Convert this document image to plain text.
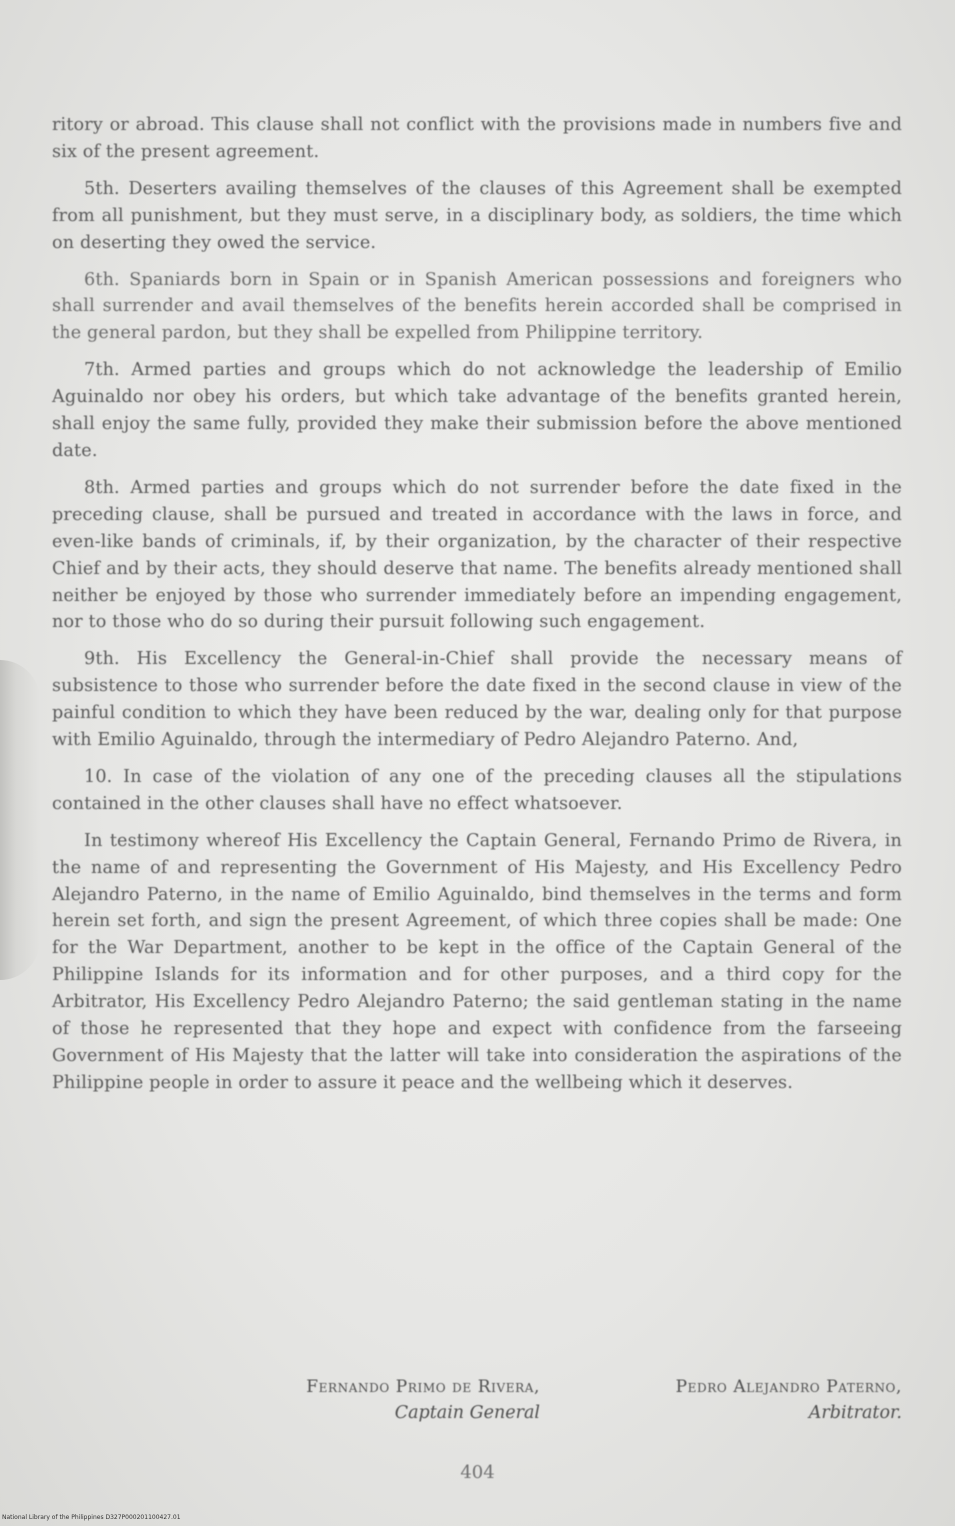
ritory or abroad. This clause shall not conflict with the provisions made in numbers five and six of the present agreement.

5th. Deserters availing themselves of the clauses of this Agreement shall be exempted from all punishment, but they must serve, in a disciplinary body, as soldiers, the time which on deserting they owed the service.

6th. Spaniards born in Spain or in Spanish American possessions and foreigners who shall surrender and avail themselves of the benefits herein accorded shall be comprised in the general pardon, but they shall be expelled from Philippine territory.

7th. Armed parties and groups which do not acknowledge the leadership of Emilio Aguinaldo nor obey his orders, but which take advantage of the benefits granted herein, shall enjoy the same fully, provided they make their submission before the above mentioned date.

8th. Armed parties and groups which do not surrender before the date fixed in the preceding clause, shall be pursued and treated in accordance with the laws in force, and even-like bands of criminals, if, by their organization, by the character of their respective Chief and by their acts, they should deserve that name. The benefits already mentioned shall neither be enjoyed by those who surrender immediately before an impending engagement, nor to those who do so during their pursuit following such engagement.

9th. His Excellency the General-in-Chief shall provide the necessary means of subsistence to those who surrender before the date fixed in the second clause in view of the painful condition to which they have been reduced by the war, dealing only for that purpose with Emilio Aguinaldo, through the intermediary of Pedro Alejandro Paterno. And,

10. In case of the violation of any one of the preceding clauses all the stipulations contained in the other clauses shall have no effect whatsoever.

In testimony whereof His Excellency the Captain General, Fernando Primo de Rivera, in the name of and representing the Government of His Majesty, and His Excellency Pedro Alejandro Paterno, in the name of Emilio Aguinaldo, bind themselves in the terms and form herein set forth, and sign the present Agreement, of which three copies shall be made: One for the War Department, another to be kept in the office of the Captain General of the Philippine Islands for its information and for other purposes, and a third copy for the Arbitrator, His Excellency Pedro Alejandro Paterno; the said gentleman stating in the name of those he represented that they hope and expect with confidence from the farseeing Government of His Majesty that the latter will take into consideration the aspirations of the Philippine people in order to assure it peace and the wellbeing which it deserves.

Fernando Primo de Rivera,
Captain General
Pedro Alejandro Paterno,
Arbitrator.
404
National Library of the Philippines D327P000201100427.01
